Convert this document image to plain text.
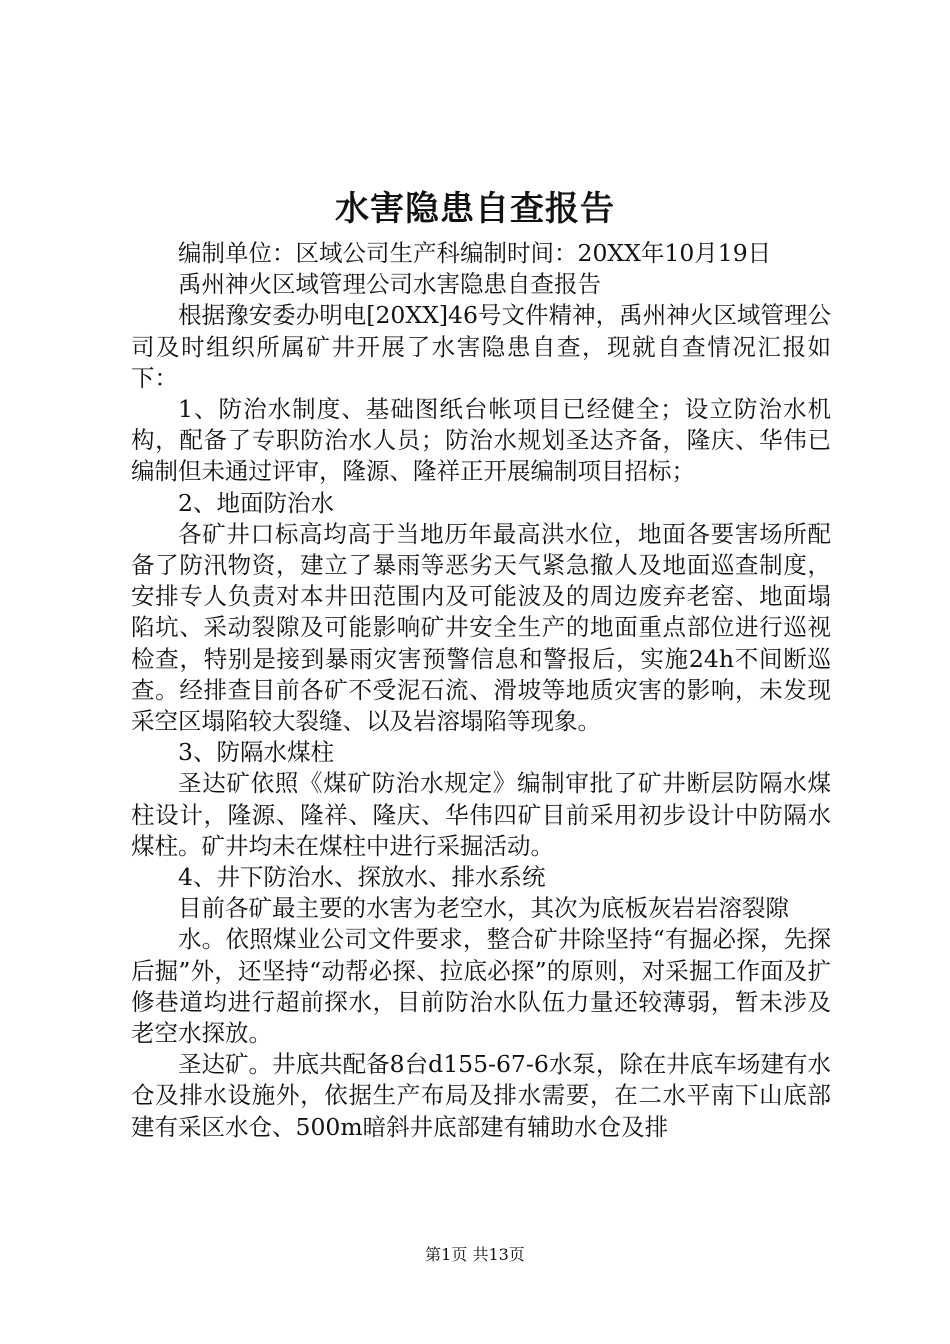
水害隐患自查报告

编制单位：区域公司生产科编制时间：20XX年10月19日

禹州神火区域管理公司水害隐患自查报告

根据豫安委办明电[20XX]46号文件精神，禹州神火区域管理公司及时组织所属矿井开展了水害隐患自查，现就自查情况汇报如下：

1、防治水制度、基础图纸台帐项目已经健全；设立防治水机构，配备了专职防治水人员；防治水规划圣达齐备，隆庆、华伟已编制但未通过评审，隆源、隆祥正开展编制项目招标；

2、地面防治水

各矿井口标高均高于当地历年最高洪水位，地面各要害场所配备了防汛物资，建立了暴雨等恶劣天气紧急撤人及地面巡查制度，安排专人负责对本井田范围内及可能波及的周边废弃老窑、地面塌陷坑、采动裂隙及可能影响矿井安全生产的地面重点部位进行巡视检查，特别是接到暴雨灾害预警信息和警报后，实施24h不间断巡查。经排查目前各矿不受泥石流、滑坡等地质灾害的影响，未发现采空区塌陷较大裂缝、以及岩溶塌陷等现象。

3、防隔水煤柱

圣达矿依照《煤矿防治水规定》编制审批了矿井断层防隔水煤柱设计，隆源、隆祥、隆庆、华伟四矿目前采用初步设计中防隔水煤柱。矿井均未在煤柱中进行采掘活动。

4、井下防治水、探放水、排水系统

目前各矿最主要的水害为老空水，其次为底板灰岩岩溶裂隙

水。依照煤业公司文件要求，整合矿井除坚持“有掘必探，先探后掘”外，还坚持“动帮必探、拉底必探”的原则，对采掘工作面及扩修巷道均进行超前探水，目前防治水队伍力量还较薄弱，暂未涉及老空水探放。

圣达矿。井底共配备8台d155-67-6水泵，除在井底车场建有水仓及排水设施外，依据生产布局及排水需要，在二水平南下山底部建有采区水仓、500m暗斜井底部建有辅助水仓及排

第1页 共13页
